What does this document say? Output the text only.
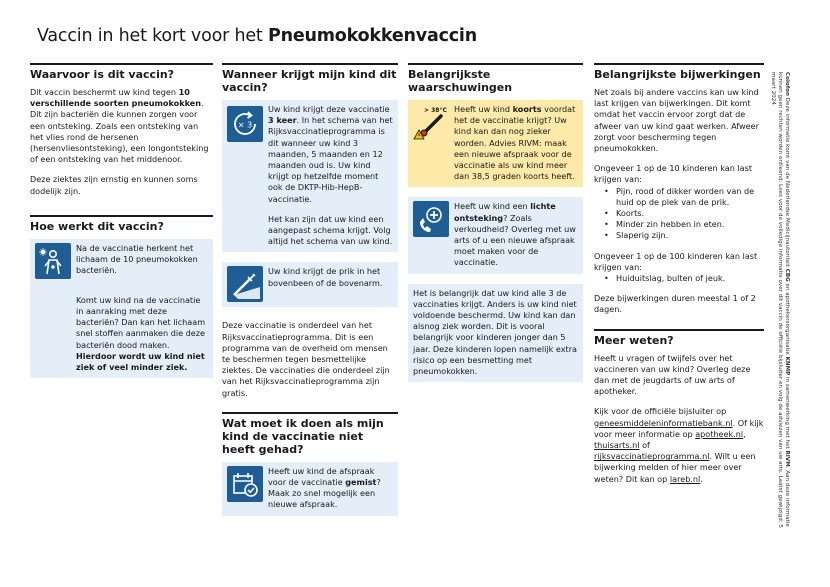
Vaccin in het kort voor het Pneumokokkenvaccin
Waarvoor is dit vaccin?

Dit vaccin beschermt uw kind tegen 10 verschillende soorten pneumokokken. Dit zijn bacteriën die kunnen zorgen voor een ontsteking. Zoals een ontsteking van het vlies rond de hersenen (hersenvliesontsteking), een longontsteking of een ontsteking van het middenoor.

Deze ziektes zijn ernstig en kunnen soms dodelijk zijn.

Hoe werkt dit vaccin?

Na de vaccinatie herkent het lichaam de 10 pneumokokken bacteriën.

Komt uw kind na de vaccinatie in aanraking met deze bacteriën? Dan kan het lichaam snel stoffen aanmaken die deze bacteriën dood maken. Hierdoor wordt uw kind niet ziek of veel minder ziek.

Wanneer krijgt mijn kind dit vaccin?
× 3

Uw kind krijgt deze vaccinatie 3 keer. In het schema van het Rijksvaccinatieprogramma is dit wanneer uw kind 3 maanden, 5 maanden en 12 maanden oud is. Uw kind krijgt op hetzelfde moment ook de DKTP-Hib-HepB-vaccinatie.

Het kan zijn dat uw kind een aangepast schema krijgt. Volg altijd het schema van uw kind.

Uw kind krijgt de prik in het bovenbeen of de bovenarm.

Deze vaccinatie is onderdeel van het Rijksvaccinatieprogramma. Dit is een programma van de overheid om mensen te beschermen tegen besmettelijke ziektes. De vaccinaties die onderdeel zijn van het Rijksvaccinatieprogramma zijn gratis.

Wat moet ik doen als mijn kind de vaccinatie niet heeft gehad?

Heeft uw kind de afspraak voor de vaccinatie gemist? Maak zo snel mogelijk een nieuwe afspraak.

Belangrijkste waarschuwingen
> 38°C Heeft uw kind koorts voordat het de vaccinatie krijgt? Uw kind kan dan nog zieker worden. Advies RIVM: maak een nieuwe afspraak voor de vaccinatie als uw kind meer dan 38,5 graden koorts heeft.

Heeft uw kind een lichte ontsteking? Zoals verkoudheid? Overleg met uw arts of u een nieuwe afspraak moet maken voor de vaccinatie.

Het is belangrijk dat uw kind alle 3 de vaccinaties krijgt. Anders is uw kind niet voldoende beschermd. Uw kind kan dan alsnog ziek worden. Dit is vooral belangrijk voor kinderen jonger dan 5 jaar. Deze kinderen lopen namelijk extra risico op een besmetting met pneumokokken.

Belangrijkste bijwerkingen

Net zoals bij andere vaccins kan uw kind last krijgen van bijwerkingen. Dit komt omdat het vaccin ervoor zorgt dat de afweer van uw kind gaat werken. Afweer zorgt voor bescherming tegen pneumokokken.

Ongeveer 1 op de 10 kinderen kan last krijgen van:

• Pijn, rood of dikker worden van de huid op de plek van de prik.
• Koorts.
• Minder zin hebben in eten.
• Slaperig zijn.

Ongeveer 1 op de 100 kinderen kan last krijgen van:

• Huiduitslag, bulten of jeuk.

Deze bijwerkingen duren meestal 1 of 2 dagen.

Meer weten?

Heeft u vragen of twijfels over het vaccineren van uw kind? Overleg deze dan met de jeugdarts of uw arts of apotheker.

Kijk voor de officiële bijsluiter op geneesmiddeleninformatiebank.nl. Of kijk voor meer informatie op apotheek.nl, thuisarts.nl of rijksvaccinatieprogramma.nl. Wilt u een bijwerking melden of hier meer over weten? Dit kan op lareb.nl.

Colofon Deze informatie komt van de Nederlandse Medicijnautoriteit CBG en apothekersorganisatie KNMP in samenwerking met het RIVM. Aan deze informatie kunnen geen rechten worden ontleend. Lees voor de volledige informatie over dit vaccin de officiële bijsluiter en volg de adviezen van uw arts. Laatst gewijzigd: 5 maart 2024
